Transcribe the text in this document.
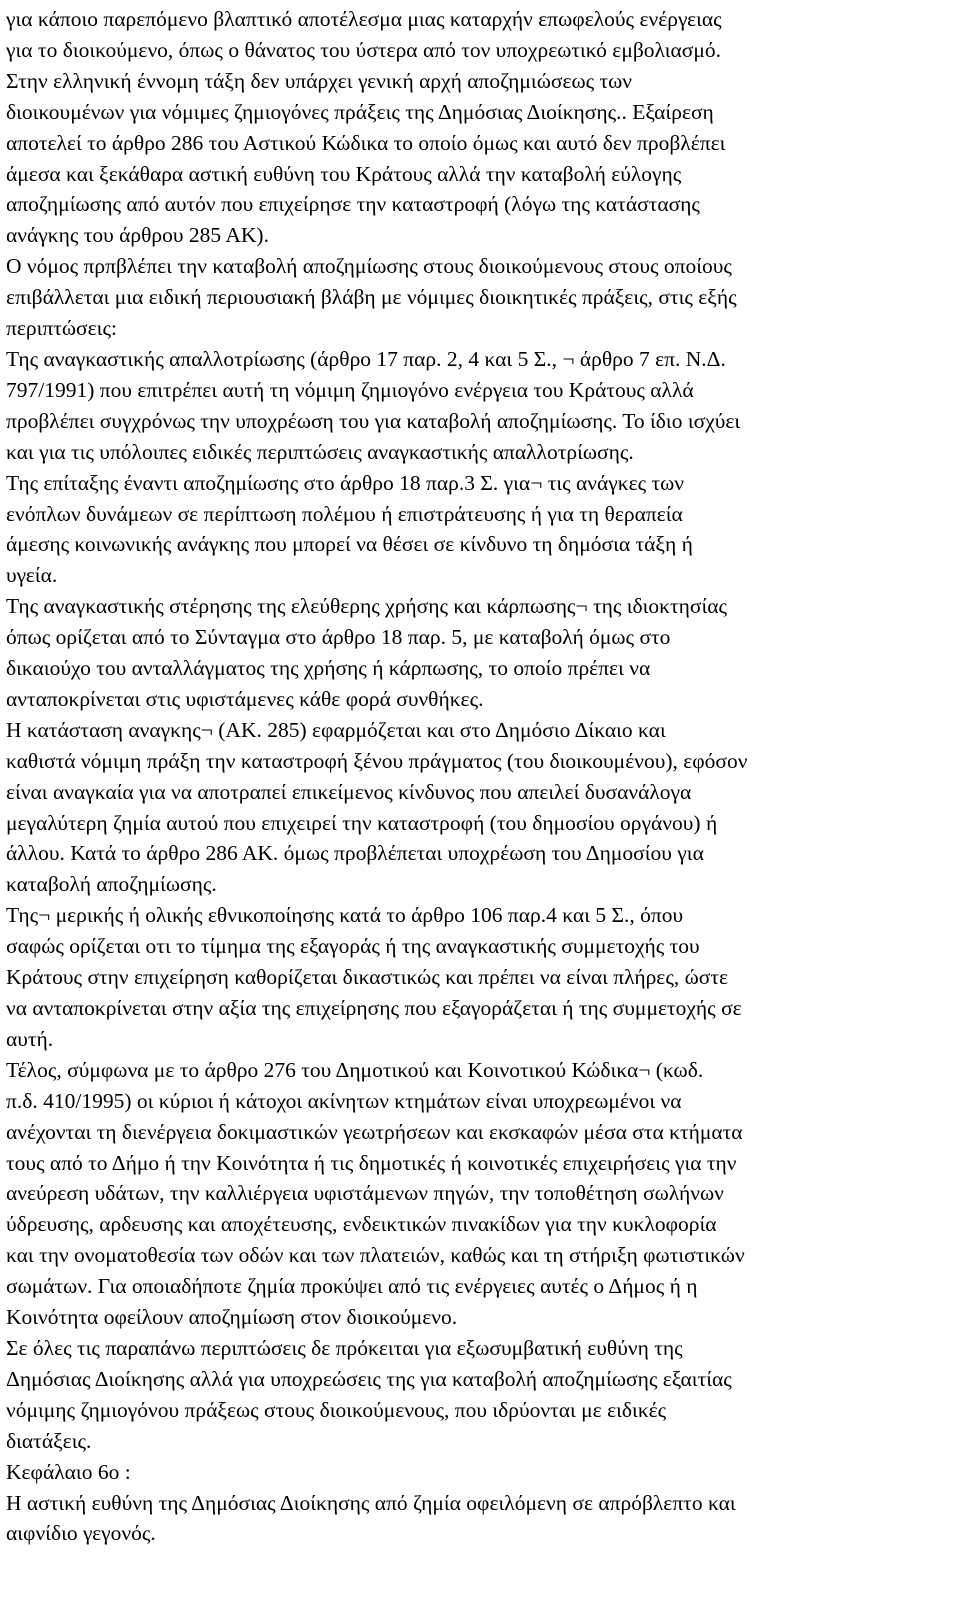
για κάποιο παρεπόμενο βλαπτικό αποτέλεσμα μιας καταρχήν επωφελούς ενέργειας
για το διοικούμενο, όπως ο θάνατος του ύστερα από τον υποχρεωτικό εμβολιασμό.
Στην ελληνική έννομη τάξη δεν υπάρχει γενική αρχή αποζημιώσεως των
διοικουμένων για νόμιμες ζημιογόνες πράξεις της Δημόσιας Διοίκησης.. Εξαίρεση
αποτελεί το άρθρο 286 του Αστικού Κώδικα το οποίο όμως και αυτό δεν προβλέπει
άμεσα και ξεκάθαρα αστική ευθύνη του Κράτους αλλά την καταβολή εύλογης
αποζημίωσης από αυτόν που επιχείρησε την καταστροφή (λόγω της κατάστασης
ανάγκης του άρθρου 285 ΑΚ).

Ο νόμος πρπβλέπει την καταβολή αποζημίωσης στους διοικούμενους στους οποίους
επιβάλλεται μια ειδική περιουσιακή βλάβη με νόμιμες διοικητικές πράξεις, στις εξής
περιπτώσεις:

Της αναγκαστικής απαλλοτρίωσης (άρθρο 17 παρ. 2, 4 και 5 Σ., ¬ άρθρο 7 επ. Ν.Δ.
797/1991) που επιτρέπει αυτή τη νόμιμη ζημιογόνο ενέργεια του Κράτους αλλά
προβλέπει συγχρόνως την υποχρέωση του για καταβολή αποζημίωσης. Το ίδιο ισχύει
και για τις υπόλοιπες ειδικές περιπτώσεις αναγκαστικής απαλλοτρίωσης.

Της επίταξης έναντι αποζημίωσης στο άρθρο 18 παρ.3 Σ. για¬ τις ανάγκες των
ενόπλων δυνάμεων σε περίπτωση πολέμου ή επιστράτευσης ή για τη θεραπεία
άμεσης κοινωνικής ανάγκης που μπορεί να θέσει σε κίνδυνο τη δημόσια τάξη ή
υγεία.

Της αναγκαστικής στέρησης της ελεύθερης χρήσης και κάρπωσης¬ της ιδιοκτησίας
όπως ορίζεται από το Σύνταγμα στο άρθρο 18 παρ. 5, με καταβολή όμως στο
δικαιούχο του ανταλλάγματος της χρήσης ή κάρπωσης, το οποίο πρέπει να
ανταποκρίνεται στις υφιστάμενες κάθε φορά συνθήκες.

Η κατάσταση αναγκης¬ (ΑΚ. 285) εφαρμόζεται και στο Δημόσιο Δίκαιο και
καθιστά νόμιμη πράξη την καταστροφή ξένου πράγματος (του διοικουμένου), εφόσον
είναι αναγκαία για να αποτραπεί επικείμενος κίνδυνος που απειλεί δυσανάλογα
μεγαλύτερη ζημία αυτού που επιχειρεί την καταστροφή (του δημοσίου οργάνου) ή
άλλου. Κατά το άρθρο 286 ΑΚ. όμως προβλέπεται υποχρέωση του Δημοσίου για
καταβολή αποζημίωσης.

Της¬ μερικής ή ολικής εθνικοποίησης κατά το άρθρο 106 παρ.4 και 5 Σ., όπου
σαφώς ορίζεται οτι το τίμημα της εξαγοράς ή της αναγκαστικής συμμετοχής του
Κράτους στην επιχείρηση καθορίζεται δικαστικώς και πρέπει να είναι πλήρες, ώστε
να ανταποκρίνεται στην αξία της επιχείρησης που εξαγοράζεται ή της συμμετοχής σε
αυτή.

Τέλος, σύμφωνα με το άρθρο 276 του Δημοτικού και Κοινοτικού Κώδικα¬ (κωδ.
π.δ. 410/1995) οι κύριοι ή κάτοχοι ακίνητων κτημάτων είναι υποχρεωμένοι να
ανέχονται τη διενέργεια δοκιμαστικών γεωτρήσεων και εκσκαφών μέσα στα κτήματα
τους από το Δήμο ή την Κοινότητα ή τις δημοτικές ή κοινοτικές επιχειρήσεις για την
ανεύρεση υδάτων, την καλλιέργεια υφιστάμενων πηγών, την τοποθέτηση σωλήνων
ύδρευσης, αρδευσης και αποχέτευσης, ενδεικτικών πινακίδων για την κυκλοφορία
και την ονοματοθεσία των οδών και των πλατειών, καθώς και τη στήριξη φωτιστικών
σωμάτων. Για οποιαδήποτε ζημία προκύψει από τις ενέργειες αυτές ο Δήμος ή η
Κοινότητα οφείλουν αποζημίωση στον διοικούμενο.

Σε όλες τις παραπάνω περιπτώσεις δε πρόκειται για εξωσυμβατική ευθύνη της
Δημόσιας Διοίκησης αλλά για υποχρεώσεις της για καταβολή αποζημίωσης εξαιτίας
νόμιμης ζημιογόνου πράξεως στους διοικούμενους, που ιδρύονται με ειδικές
διατάξεις.

Κεφάλαιο 6ο :

Η αστική ευθύνη της Δημόσιας Διοίκησης από ζημία οφειλόμενη σε απρόβλεπτο και
αιφνίδιο γεγονός.
